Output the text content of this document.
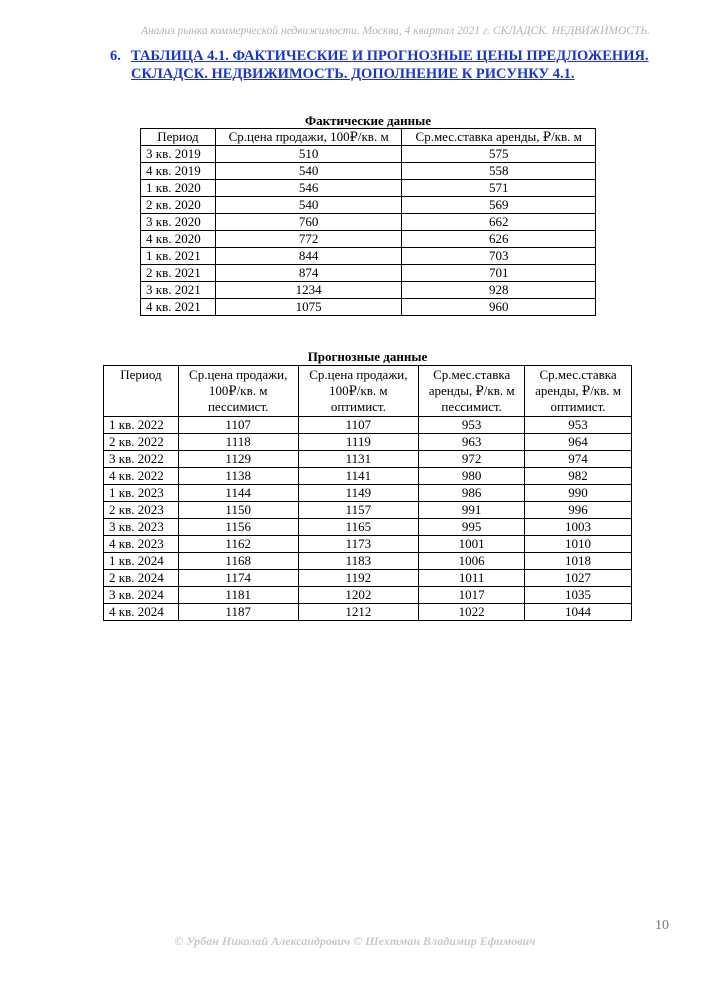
Анализ рынка коммерческой недвижимости. Москва, 4 квартал 2021 г. СКЛАДСК. НЕДВИЖИМОСТЬ.
6. ТАБЛИЦА 4.1. ФАКТИЧЕСКИЕ И ПРОГНОЗНЫЕ ЦЕНЫ ПРЕДЛОЖЕНИЯ. СКЛАДСК. НЕДВИЖИМОСТЬ. ДОПОЛНЕНИЕ К РИСУНКУ 4.1.
Фактические данные
Период	Ср.цена продажи, 100₽/кв. м	Ср.мес.ставка аренды, ₽/кв. м
3 кв. 2019	510	575
4 кв. 2019	540	558
1 кв. 2020	546	571
2 кв. 2020	540	569
3 кв. 2020	760	662
4 кв. 2020	772	626
1 кв. 2021	844	703
2 кв. 2021	874	701
3 кв. 2021	1234	928
4 кв. 2021	1075	960
Прогнозные данные
Период	Ср.цена продажи, 100₽/кв. м пессимист.	Ср.цена продажи, 100₽/кв. м оптимист.	Ср.мес.ставка аренды, ₽/кв. м пессимист.	Ср.мес.ставка аренды, ₽/кв. м оптимист.
1 кв. 2022	1107	1107	953	953
2 кв. 2022	1118	1119	963	964
3 кв. 2022	1129	1131	972	974
4 кв. 2022	1138	1141	980	982
1 кв. 2023	1144	1149	986	990
2 кв. 2023	1150	1157	991	996
3 кв. 2023	1156	1165	995	1003
4 кв. 2023	1162	1173	1001	1010
1 кв. 2024	1168	1183	1006	1018
2 кв. 2024	1174	1192	1011	1027
3 кв. 2024	1181	1202	1017	1035
4 кв. 2024	1187	1212	1022	1044
10
© Урбан Николай Александрович © Шехтман Владимир Ефимович
